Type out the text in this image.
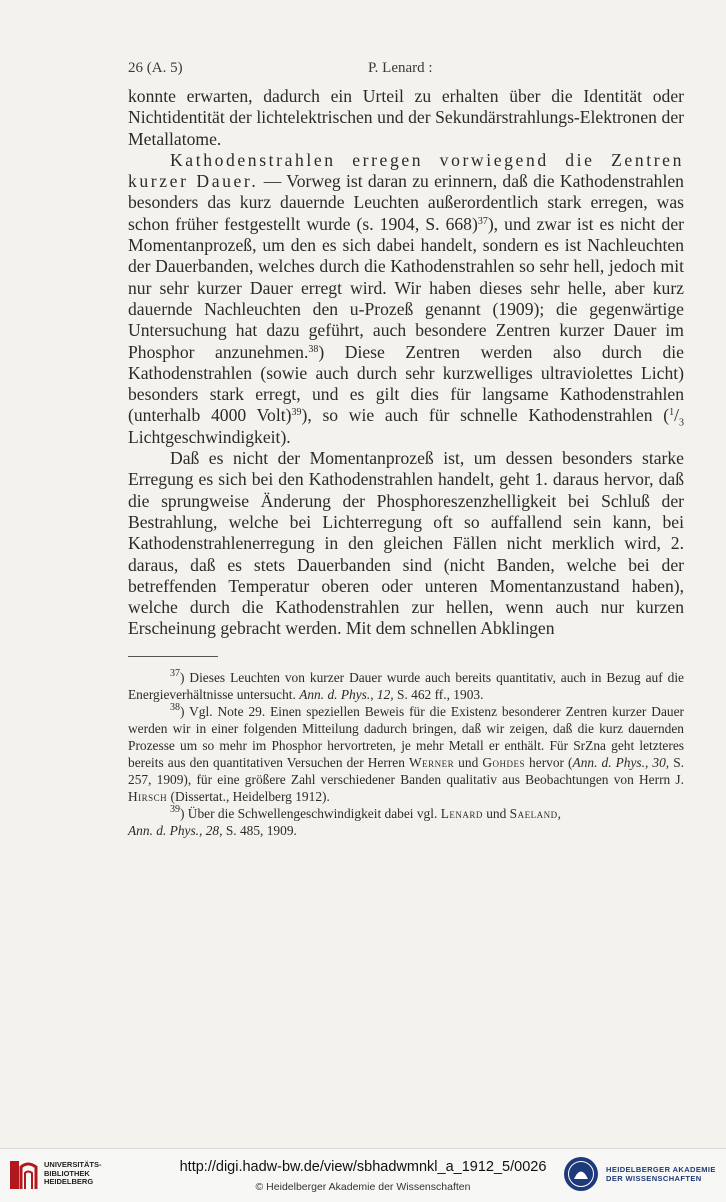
26 (A. 5)	P. Lenard :

konnte erwarten, dadurch ein Urteil zu erhalten über die Identität oder Nichtidentität der lichtelektrischen und der Sekundärstrahlungs-Elektronen der Metallatome.

Kathodenstrahlen erregen vorwiegend die Zentren kurzer Dauer. — Vorweg ist daran zu erinnern, daß die Kathodenstrahlen besonders das kurz dauernde Leuchten außerordentlich stark erregen, was schon früher festgestellt wurde (s. 1904, S. 668)$^{37}$), und zwar ist es nicht der Momentanprozeß, um den es sich dabei handelt, sondern es ist Nachleuchten der Dauerbanden, welches durch die Kathodenstrahlen so sehr hell, jedoch mit nur sehr kurzer Dauer erregt wird. Wir haben dieses sehr helle, aber kurz dauernde Nachleuchten den u-Prozeß genannt (1909); die gegenwärtige Untersuchung hat dazu geführt, auch besondere Zentren kurzer Dauer im Phosphor anzunehmen.$^{38}$) Diese Zentren werden also durch die Kathodenstrahlen (sowie auch durch sehr kurzwelliges ultraviolettes Licht) besonders stark erregt, und es gilt dies für langsame Kathodenstrahlen (unterhalb 4000 Volt)$^{39}$), so wie auch für schnelle Kathodenstrahlen ($^1/_3$ Lichtgeschwindigkeit).

Daß es nicht der Momentanprozeß ist, um dessen besonders starke Erregung es sich bei den Kathodenstrahlen handelt, geht 1. daraus hervor, daß die sprungweise Änderung der Phosphoreszenzhelligkeit bei Schluß der Bestrahlung, welche bei Lichterregung oft so auffallend sein kann, bei Kathodenstrahlenerregung in den gleichen Fällen nicht merklich wird, 2. daraus, daß es stets Dauerbanden sind (nicht Banden, welche bei der betreffenden Temperatur oberen oder unteren Momentanzustand haben), welche durch die Kathodenstrahlen zur hellen, wenn auch nur kurzen Erscheinung gebracht werden. Mit dem schnellen Abklingen

$^{37}$) Dieses Leuchten von kurzer Dauer wurde auch bereits quantitativ, auch in Bezug auf die Energieverhältnisse untersucht. Ann. d. Phys., 12, S. 462 ff., 1903.

$^{38}$) Vgl. Note 29. Einen speziellen Beweis für die Existenz besonderer Zentren kurzer Dauer werden wir in einer folgenden Mitteilung dadurch bringen, daß wir zeigen, daß die kurz dauernden Prozesse um so mehr im Phosphor hervortreten, je mehr Metall er enthält. Für SrZna geht letzteres bereits aus den quantitativen Versuchen der Herren Werner und Gohdes hervor (Ann. d. Phys., 30, S. 257, 1909), für eine größere Zahl verschiedener Banden qualitativ aus Beobachtungen von Herrn J. Hirsch (Dissertat., Heidelberg 1912).

$^{39}$) Über die Schwellengeschwindigkeit dabei vgl. Lenard und Saeland,
Ann. d. Phys., 28, S. 485, 1909.

UNIVERSITÄTS-
BIBLIOTHEK
HEIDELBERG
http://digi.hadw-bw.de/view/sbhadwmnkl_a_1912_5/0026
© Heidelberger Akademie der Wissenschaften
HEIDELBERGER AKADEMIE
DER WISSENSCHAFTEN
